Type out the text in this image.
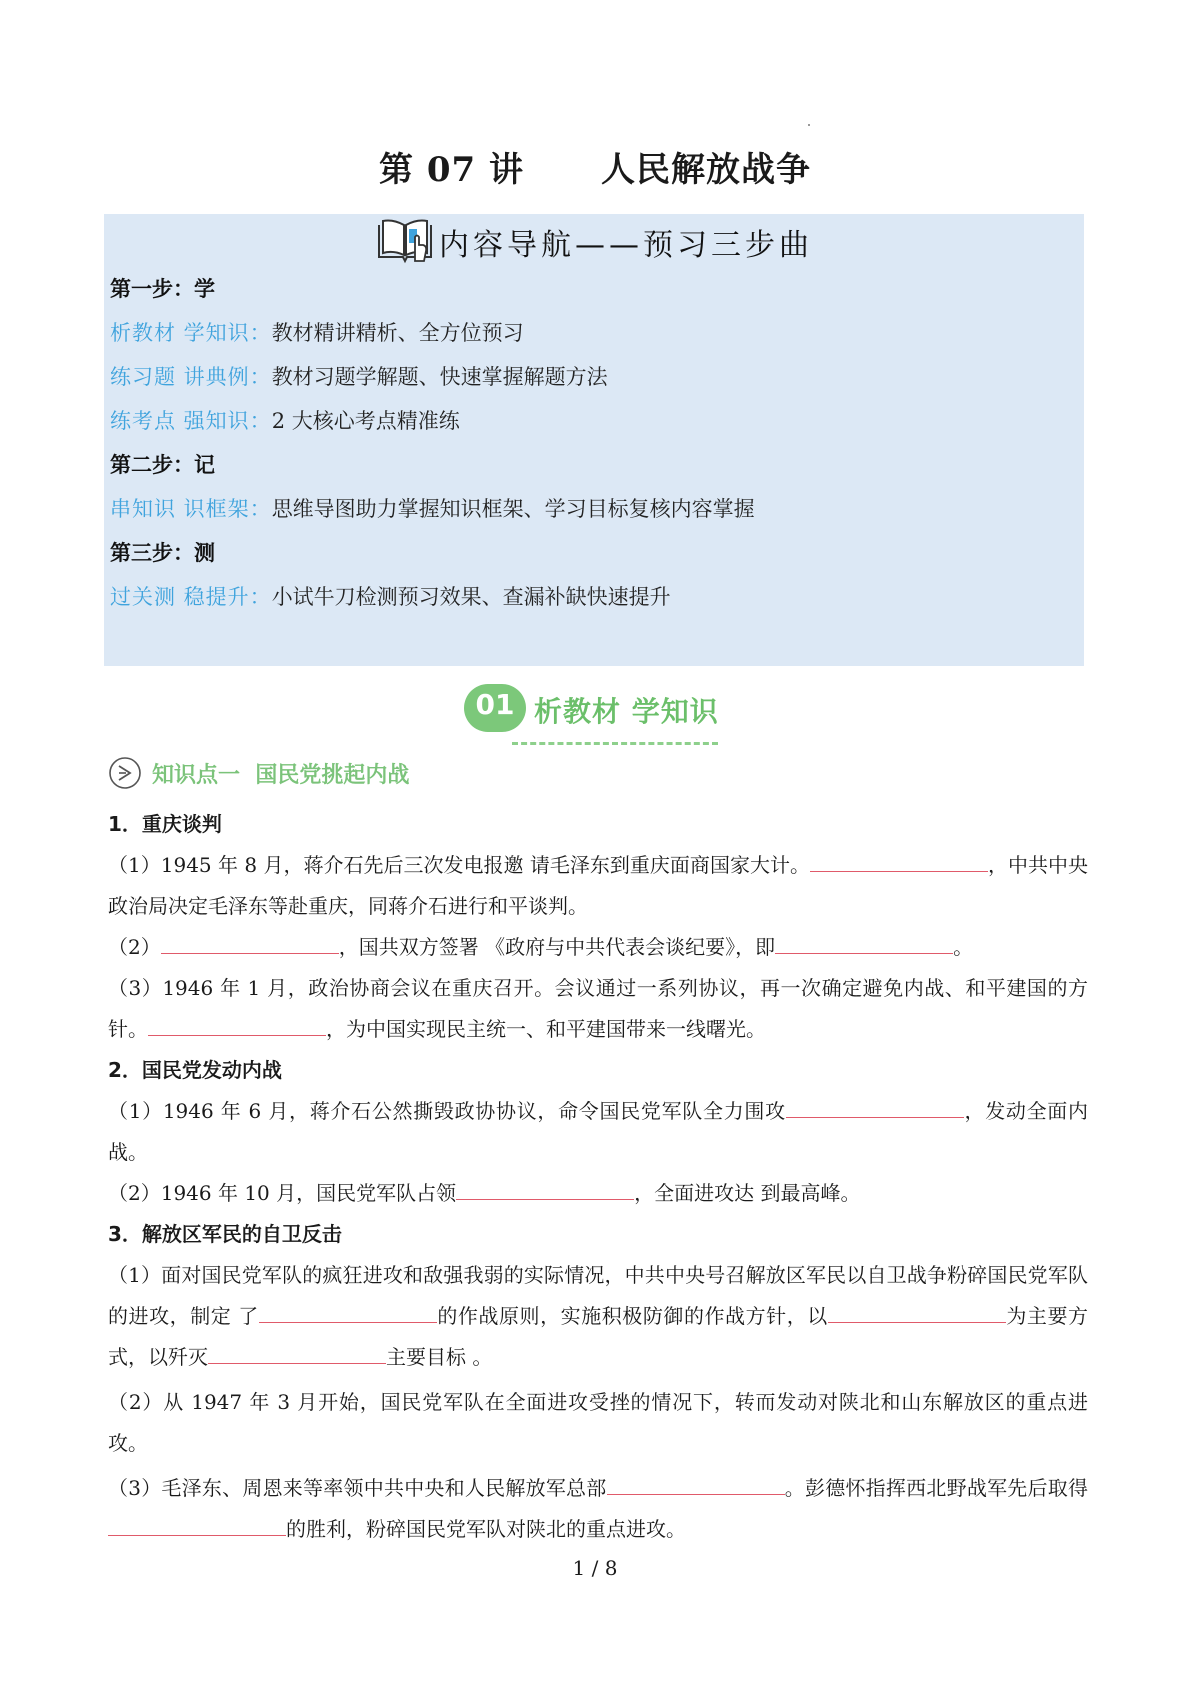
第 07 讲      人民解放战争
内容导航——预习三步曲
第一步：学
析教材 学知识：教材精讲精析、全方位预习
练习题 讲典例：教材习题学解题、快速掌握解题方法
练考点 强知识：2 大核心考点精准练
第二步：记
串知识 识框架：思维导图助力掌握知识框架、学习目标复核内容掌握
第三步：测
过关测 稳提升：小试牛刀检测预习效果、查漏补缺快速提升
01 析教材 学知识
知识点一  国民党挑起内战
1．重庆谈判

（1）1945 年 8 月，蒋介石先后三次发电报邀 请毛泽东到重庆面商国家大计。	，中共中央政治局决定毛泽东等赴重庆，同蒋介石进行和平谈判。

（2）	，国共双方签署 《政府与中共代表会谈纪要》，即	。

（3）1946 年 1 月，政治协商会议在重庆召开。会议通过一系列协议，再一次确定避免内战、和平建国的方针。	，为中国实现民主统一、和平建国带来一线曙光。

2．国民党发动内战

（1）1946 年 6 月，蒋介石公然撕毁政协协议，命令国民党军队全力围攻	，发动全面内战。

（2）1946 年 10 月，国民党军队占领	，全面进攻达 到最高峰。

3．解放区军民的自卫反击

（1）面对国民党军队的疯狂进攻和敌强我弱的实际情况，中共中央号召解放区军民以自卫战争粉碎国民党军队的进攻，制定 了	的作战原则，实施积极防御的作战方针，以	为主要方式，以歼灭	主要目标 。

（2）从 1947 年 3 月开始，国民党军队在全面进攻受挫的情况下，转而发动对陕北和山东解放区的重点进攻。

（3）毛泽东、周恩来等率领中共中央和人民解放军总部	。彭德怀指挥西北野战军先后取得的胜利，粉碎国民党军队对陕北的重点进攻。

1 / 8
